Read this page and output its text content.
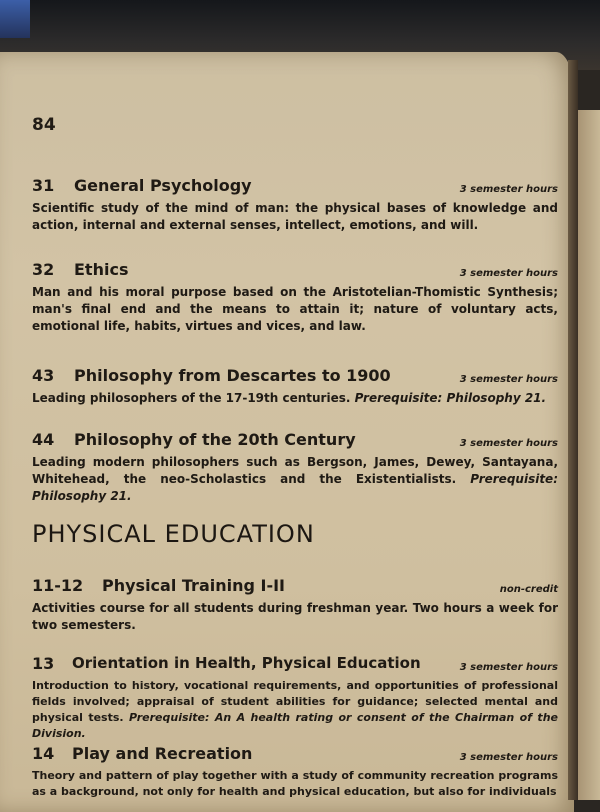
84
31 General Psychology	3 semester hours
Scientific study of the mind of man: the physical bases of knowledge and action, internal and external senses, intellect, emotions, and will.
32 Ethics	3 semester hours
Man and his moral purpose based on the Aristotelian-Thomistic Synthesis; man's final end and the means to attain it; nature of voluntary acts, emotional life, habits, virtues and vices, and law.
43 Philosophy from Descartes to 1900	3 semester hours
Leading philosophers of the 17-19th centuries. Prerequisite: Philosophy 21.
44 Philosophy of the 20th Century	3 semester hours
Leading modern philosophers such as Bergson, James, Dewey, Santayana, Whitehead, the neo-Scholastics and the Existentialists. Prerequisite: Philosophy 21.
PHYSICAL EDUCATION
11-12 Physical Training I-II	non-credit
Activities course for all students during freshman year. Two hours a week for two semesters.
13 Orientation in Health, Physical Education	3 semester hours
Introduction to history, vocational requirements, and opportunities of professional fields involved; appraisal of student abilities for guidance; selected mental and physical tests. Prerequisite: An A health rating or consent of the Chairman of the Division.
14 Play and Recreation	3 semester hours
Theory and pattern of play together with a study of community recreation programs as a background, not only for health and physical education, but also for individuals
